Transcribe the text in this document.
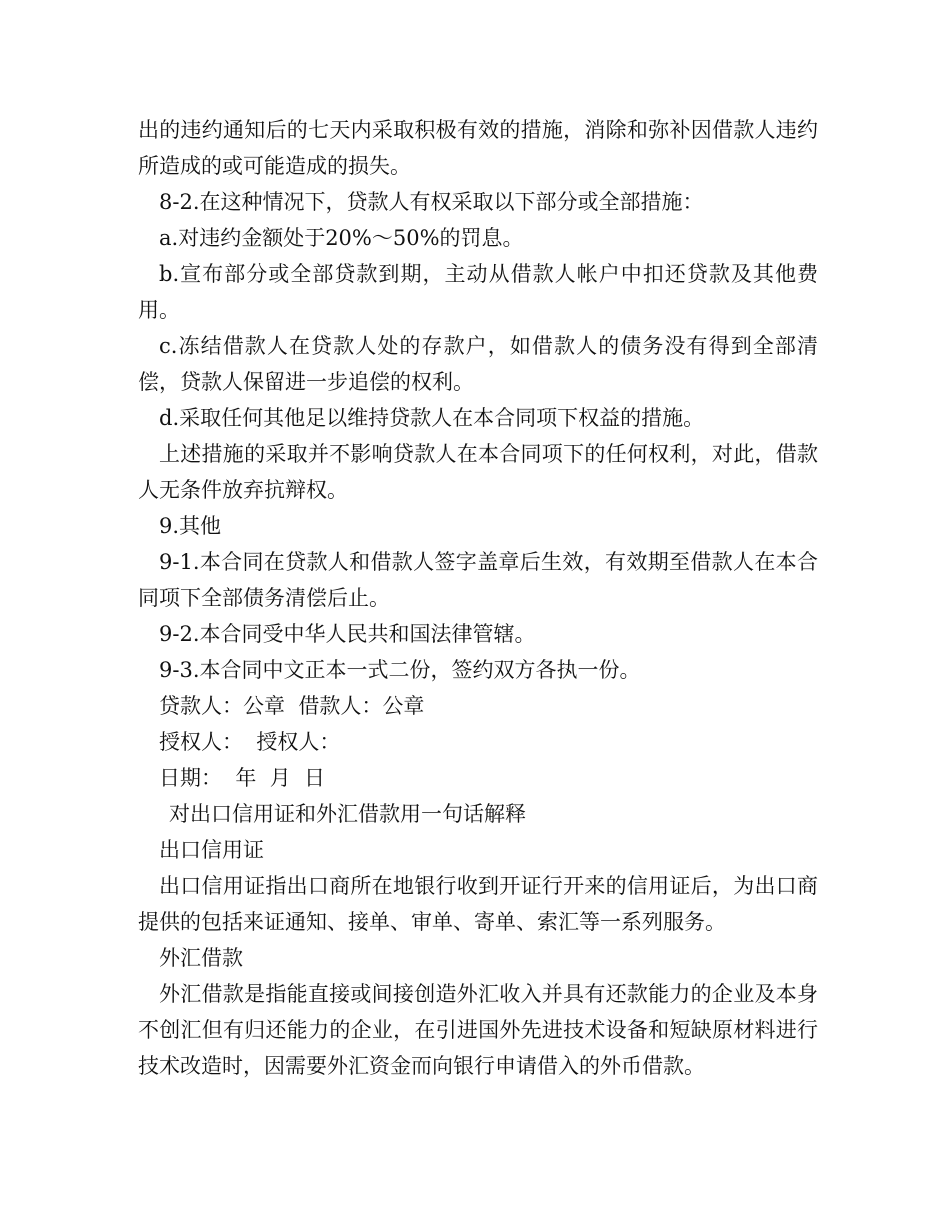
出的违约通知后的七天内采取积极有效的措施，消除和弥补因借款人违约所造成的或可能造成的损失。

8-2.在这种情况下，贷款人有权采取以下部分或全部措施：

a.对违约金额处于20%～50%的罚息。

b.宣布部分或全部贷款到期，主动从借款人帐户中扣还贷款及其他费用。

c.冻结借款人在贷款人处的存款户，如借款人的债务没有得到全部清偿，贷款人保留进一步追偿的权利。

d.采取任何其他足以维持贷款人在本合同项下权益的措施。

上述措施的采取并不影响贷款人在本合同项下的任何权利，对此，借款人无条件放弃抗辩权。

9.其他

9-1.本合同在贷款人和借款人签字盖章后生效，有效期至借款人在本合同项下全部债务清偿后止。

9-2.本合同受中华人民共和国法律管辖。

9-3.本合同中文正本一式二份，签约双方各执一份。

贷款人：公章  借款人：公章

授权人：  授权人：

日期：  年  月  日

对出口信用证和外汇借款用一句话解释

出口信用证

出口信用证指出口商所在地银行收到开证行开来的信用证后，为出口商提供的包括来证通知、接单、审单、寄单、索汇等一系列服务。

外汇借款

外汇借款是指能直接或间接创造外汇收入并具有还款能力的企业及本身不创汇但有归还能力的企业，在引进国外先进技术设备和短缺原材料进行技术改造时，因需要外汇资金而向银行申请借入的外币借款。
